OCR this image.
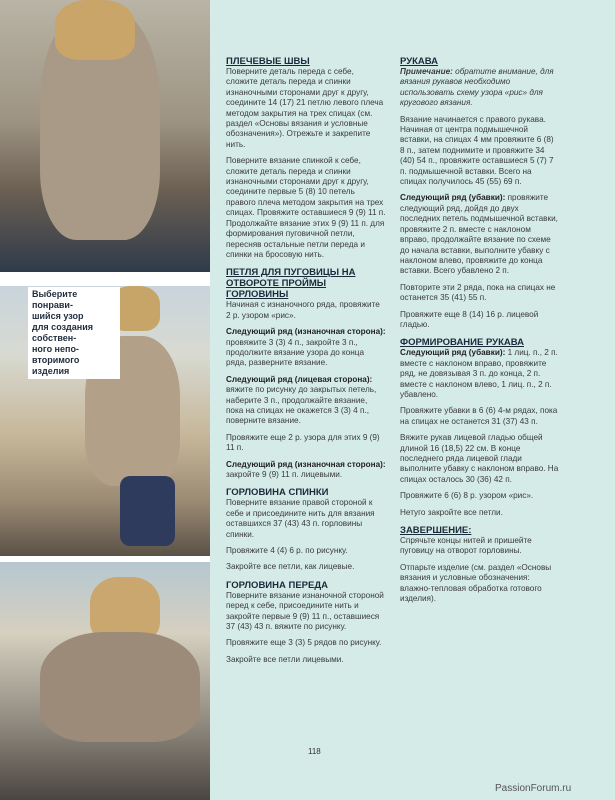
Выберите
понрави-
шийся узор
для создания
собствен-
ного непо-
вторимого
изделия
ПЛЕЧЕВЫЕ ШВЫ

Поверните деталь переда с себе, сложите деталь переда и спинки изнаночными сторонами друг к другу, соедините 14 (17) 21 петлю левого плеча методом закрытия на трех спицах (см. раздел «Основы вязания и условные обозначения»). Отрежьте и закрепите нить.

Поверните вязание спинкой к себе, сложите деталь переда и спинки изнаночными сторонами друг к другу, соедините первые 5 (8) 10 петель правого плеча методом закрытия на трех спицах. Провяжите оставшиеся 9 (9) 11 п. Продолжайте вязание этих 9 (9) 11 п. для формирования пуговичной петли, пересняв остальные петли переда и спинки на бросовую нить.

ПЕТЛЯ ДЛЯ ПУГОВИЦЫ НА ОТВОРОТЕ ПРОЙМЫ ГОРЛОВИНЫ

Начиная с изнаночного ряда, провяжите 2 р. узором «рис».

Следующий ряд (изнаночная сторона): провяжите 3 (3) 4 п., закройте 3 п., продолжите вязание узора до конца ряда, разверните вязание.

Следующий ряд (лицевая сторона): вяжите по рисунку до закрытых петель, наберите 3 п., продолжайте вязание, пока на спицах не окажется 3 (3) 4 п., поверните вязание.

Провяжите еще 2 р. узора для этих 9 (9) 11 п.

Следующий ряд (изнаночная сторона): закройте 9 (9) 11 п. лицевыми.

ГОРЛОВИНА СПИНКИ

Поверните вязание правой стороной к себе и присоедините нить для вязания оставшихся 37 (43) 43 п. горловины спинки.

Провяжите 4 (4) 6 р. по рисунку.

Закройте все петли, как лицевые.

ГОРЛОВИНА ПЕРЕДА

Поверните вязание изнаночной стороной перед к себе, присоедините нить и закройте первые 9 (9) 11 п., оставшиеся 37 (43) 43 п. вяжите по рисунку.

Провяжите еще 3 (3) 5 рядов по рисунку.

Закройте все петли лицевыми.

РУКАВА

Примечание: обратите внимание, для вязания рукавов необходимо использовать схему узора «рис» для кругового вязания.

Вязание начинается с правого рукава. Начиная от центра подмышечной вставки, на спицах 4 мм провяжите 6 (8) 8 п., затем поднимите и провяжите 34 (40) 54 п., провяжите оставшиеся 5 (7) 7 п. подмышечной вставки. Всего на спицах получилось 45 (55) 69 п.

Следующий ряд (убавки): провяжите следующий ряд, дойдя до двух последних петель подмышечной вставки, провяжите 2 п. вместе с наклоном вправо, продолжайте вязание по схеме до начала вставки, выполните убавку с наклоном влево, провяжите до конца вставки. Всего убавлено 2 п.

Повторите эти 2 ряда, пока на спицах не останется 35 (41) 55 п.

Провяжите еще 8 (14) 16 р. лицевой гладью.

ФОРМИРОВАНИЕ РУКАВА

Следующий ряд (убавки): 1 лиц. п., 2 п. вместе с наклоном вправо, провяжите ряд, не довязывая 3 п. до конца, 2 п. вместе с наклоном влево, 1 лиц. п., 2 п. убавлено.

Провяжите убавки в 6 (6) 4-м рядах, пока на спицах не останется 31 (37) 43 п.

Вяжите рукав лицевой гладью общей длиной 16 (18,5) 22 см. В конце последнего ряда лицевой глади выполните убавку с наклоном вправо. На спицах осталось 30 (36) 42 п.

Провяжите 6 (6) 8 р. узором «рис».

Нетуго закройте все петли.

ЗАВЕРШЕНИЕ:

Спрячьте концы нитей и пришейте пуговицу на отворот горловины.

Отпарьте изделие (см. раздел «Основы вязания и условные обозначения: влажно-тепловая обработка готового изделия).

118
PassionForum.ru
